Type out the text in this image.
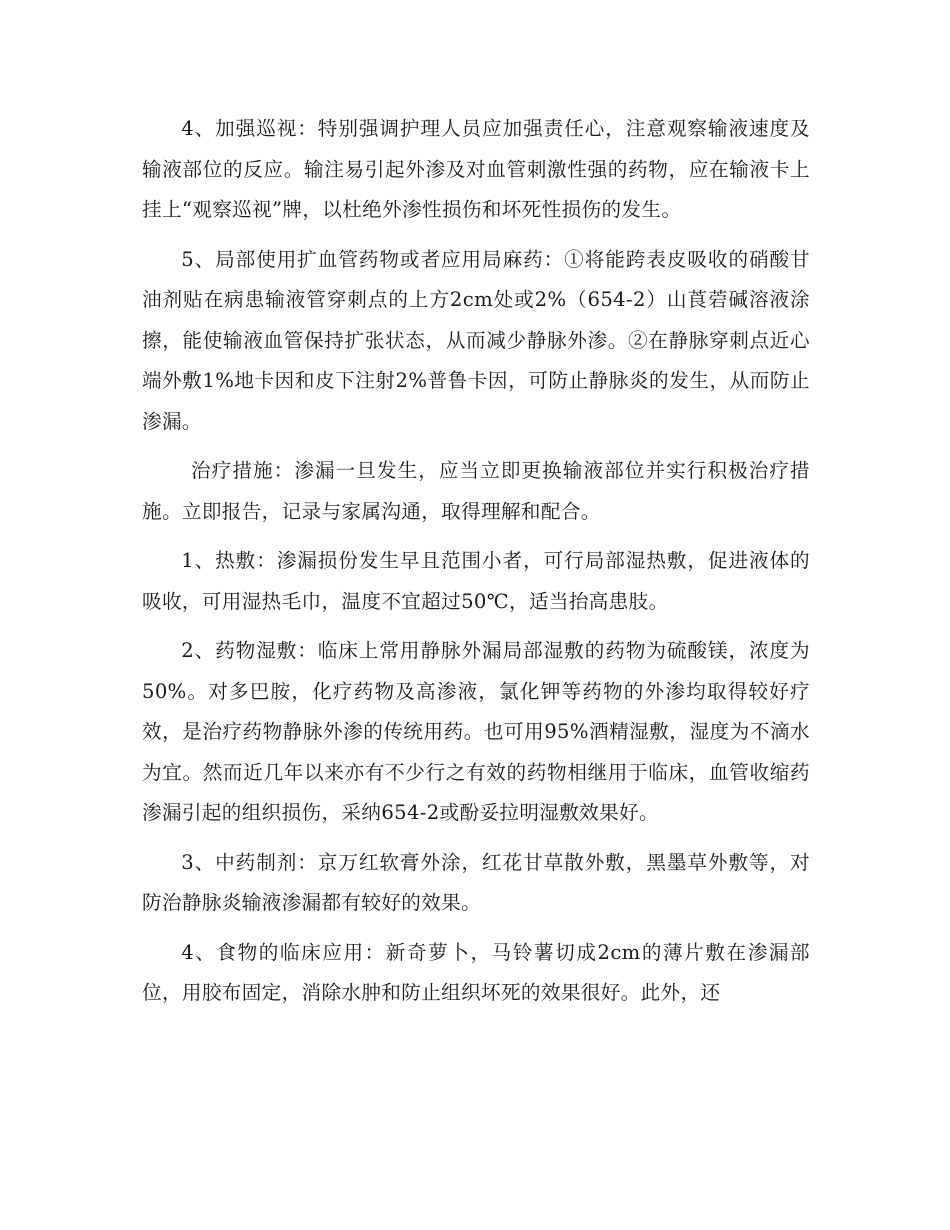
4、加强巡视：特别强调护理人员应加强责任心，注意观察输液速度及输液部位的反应。输注易引起外渗及对血管刺激性强的药物，应在输液卡上挂上“观察巡视”牌，以杜绝外渗性损伤和坏死性损伤的发生。

5、局部使用扩血管药物或者应用局麻药：①将能跨表皮吸收的硝酸甘油剂贴在病患输液管穿刺点的上方2cm处或2%（654-2）山莨菪碱溶液涂擦，能使输液血管保持扩张状态，从而减少静脉外渗。②在静脉穿刺点近心端外敷1%地卡因和皮下注射2%普鲁卡因，可防止静脉炎的发生，从而防止渗漏。

治疗措施：渗漏一旦发生，应当立即更换输液部位并实行积极治疗措施。立即报告，记录与家属沟通，取得理解和配合。

1、热敷：渗漏损份发生早且范围小者，可行局部湿热敷，促进液体的吸收，可用湿热毛巾，温度不宜超过50℃，适当抬高患肢。

2、药物湿敷：临床上常用静脉外漏局部湿敷的药物为硫酸镁，浓度为50%。对多巴胺，化疗药物及高渗液，氯化钾等药物的外渗均取得较好疗效，是治疗药物静脉外渗的传统用药。也可用95%酒精湿敷，湿度为不滴水为宜。然而近几年以来亦有不少行之有效的药物相继用于临床，血管收缩药渗漏引起的组织损伤，采纳654-2或酚妥拉明湿敷效果好。

3、中药制剂：京万红软膏外涂，红花甘草散外敷，黑墨草外敷等，对防治静脉炎输液渗漏都有较好的效果。

4、食物的临床应用：新奇萝卜，马铃薯切成2cm的薄片敷在渗漏部位，用胶布固定，消除水肿和防止组织坏死的效果很好。此外，还
